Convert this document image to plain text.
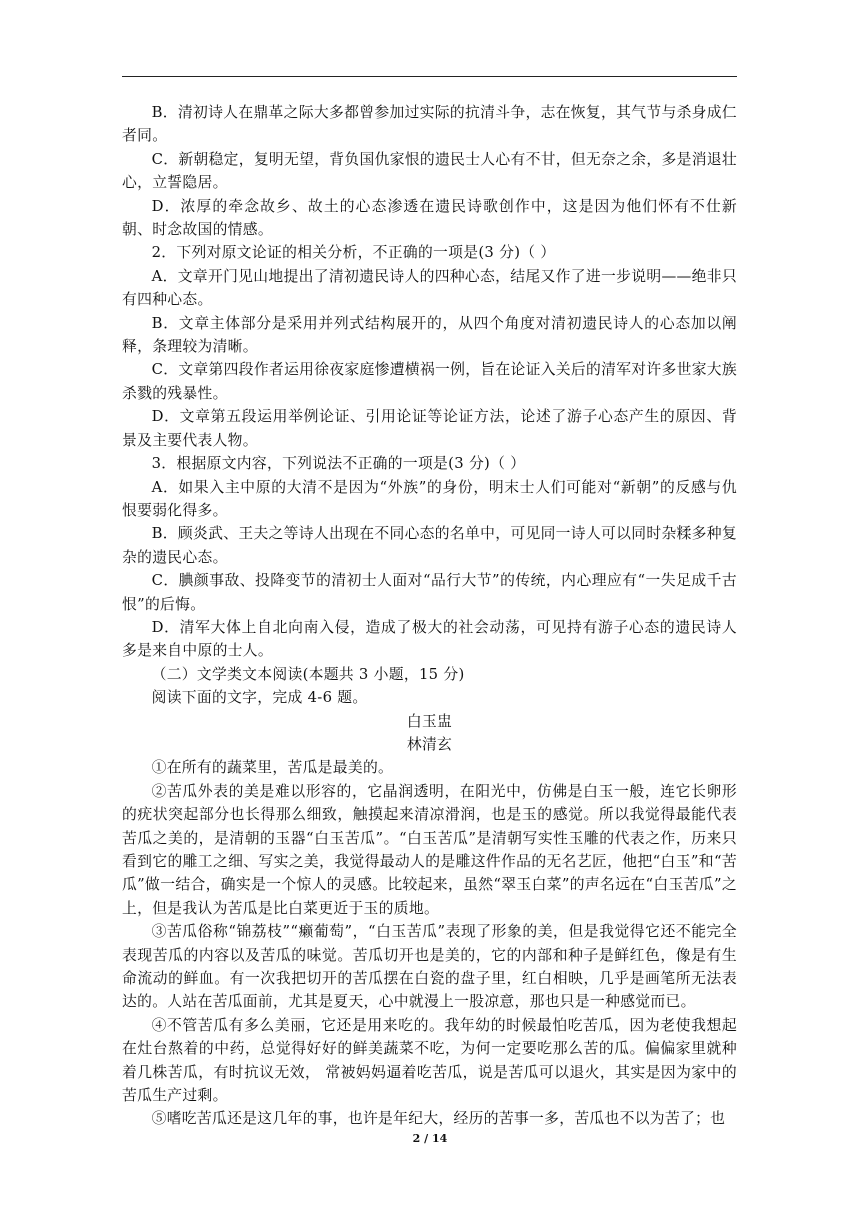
B．清初诗人在鼎革之际大多都曾参加过实际的抗清斗争，志在恢复，其气节与杀身成仁者同。

C．新朝稳定，复明无望，背负国仇家恨的遗民士人心有不甘，但无奈之余，多是消退壮心，立誓隐居。

D．浓厚的牵念故乡、故土的心态渗透在遗民诗歌创作中，这是因为他们怀有不仕新朝、时念故国的情感。

2．下列对原文论证的相关分析，不正确的一项是(3 分)（ ）

A．文章开门见山地提出了清初遗民诗人的四种心态，结尾又作了进一步说明——绝非只有四种心态。

B．文章主体部分是采用并列式结构展开的，从四个角度对清初遗民诗人的心态加以阐释，条理较为清晰。

C．文章第四段作者运用徐夜家庭惨遭横祸一例，旨在论证入关后的清军对许多世家大族杀戮的残暴性。

D．文章第五段运用举例论证、引用论证等论证方法，论述了游子心态产生的原因、背景及主要代表人物。

3．根据原文内容，下列说法不正确的一项是(3 分)（ ）

A．如果入主中原的大清不是因为“外族”的身份，明末士人们可能对“新朝”的反感与仇恨要弱化得多。

B．顾炎武、王夫之等诗人出现在不同心态的名单中，可见同一诗人可以同时杂糅多种复杂的遗民心态。

C．腆颜事敌、投降变节的清初士人面对“品行大节”的传统，内心理应有“一失足成千古恨”的后悔。

D．清军大体上自北向南入侵，造成了极大的社会动荡，可见持有游子心态的遗民诗人多是来自中原的士人。

（二）文学类文本阅读(本题共 3 小题，15 分)

阅读下面的文字，完成 4-6 题。

白玉盅

林清玄

①在所有的蔬菜里，苦瓜是最美的。

②苦瓜外表的美是难以形容的，它晶润透明，在阳光中，仿佛是白玉一般，连它长卵形的疣状突起部分也长得那么细致，触摸起来清凉滑润，也是玉的感觉。所以我觉得最能代表苦瓜之美的，是清朝的玉器“白玉苦瓜”。“白玉苦瓜”是清朝写实性玉雕的代表之作，历来只看到它的雕工之细、写实之美，我觉得最动人的是雕这件作品的无名艺匠，他把“白玉”和“苦瓜”做一结合，确实是一个惊人的灵感。比较起来，虽然“翠玉白菜”的声名远在“白玉苦瓜”之上，但是我认为苦瓜是比白菜更近于玉的质地。

③苦瓜俗称“锦荔枝”“癞葡萄”，“白玉苦瓜”表现了形象的美，但是我觉得它还不能完全表现苦瓜的内容以及苦瓜的味觉。苦瓜切开也是美的，它的内部和种子是鲜红色，像是有生命流动的鲜血。有一次我把切开的苦瓜摆在白瓷的盘子里，红白相映，几乎是画笔所无法表达的。人站在苦瓜面前，尤其是夏天，心中就漫上一股凉意，那也只是一种感觉而已。

④不管苦瓜有多么美丽，它还是用来吃的。我年幼的时候最怕吃苦瓜，因为老使我想起在灶台熬着的中药，总觉得好好的鲜美蔬菜不吃，为何一定要吃那么苦的瓜。偏偏家里就种着几株苦瓜，有时抗议无效， 常被妈妈逼着吃苦瓜，说是苦瓜可以退火，其实是因为家中的苦瓜生产过剩。

⑤嗜吃苦瓜还是这几年的事，也许是年纪大，经历的苦事一多，苦瓜也不以为苦了；也

2 / 14
